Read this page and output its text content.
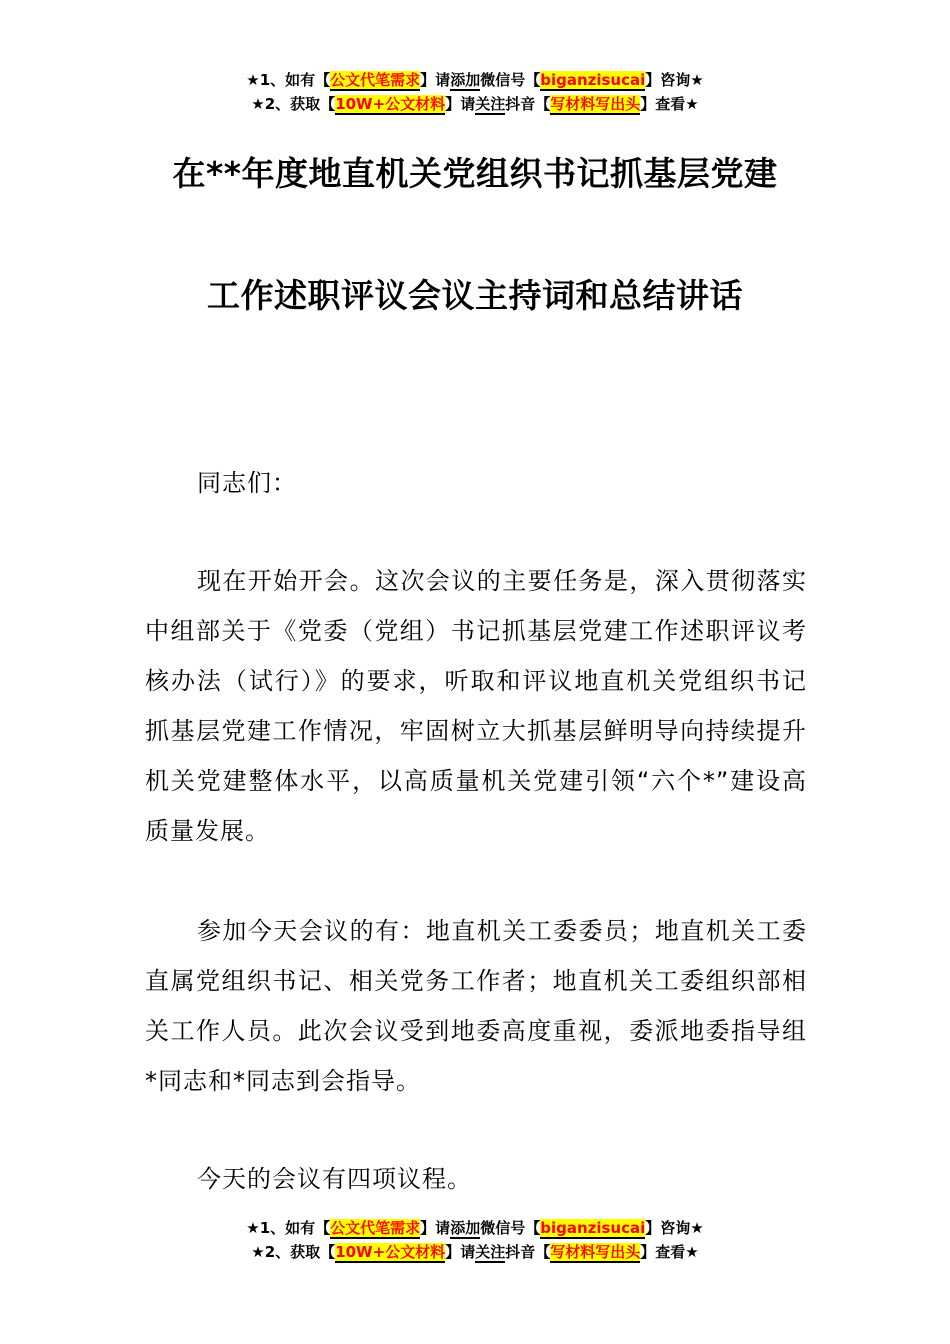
★1、如有【公文代笔需求】请添加微信号【biganzisucai】咨询★
★2、获取【10W+公文材料】请关注抖音【写材料写出头】查看★
在**年度地直机关党组织书记抓基层党建
工作述职评议会议主持词和总结讲话
同志们：
现在开始开会。这次会议的主要任务是，深入贯彻落实中组部关于《党委（党组）书记抓基层党建工作述职评议考核办法（试行）》的要求，听取和评议地直机关党组织书记抓基层党建工作情况，牢固树立大抓基层鲜明导向持续提升机关党建整体水平，以高质量机关党建引领“六个*”建设高质量发展。
参加今天会议的有：地直机关工委委员；地直机关工委直属党组织书记、相关党务工作者；地直机关工委组织部相关工作人员。此次会议受到地委高度重视，委派地委指导组*同志和*同志到会指导。
今天的会议有四项议程。
★1、如有【公文代笔需求】请添加微信号【biganzisucai】咨询★
★2、获取【10W+公文材料】请关注抖音【写材料写出头】查看★
